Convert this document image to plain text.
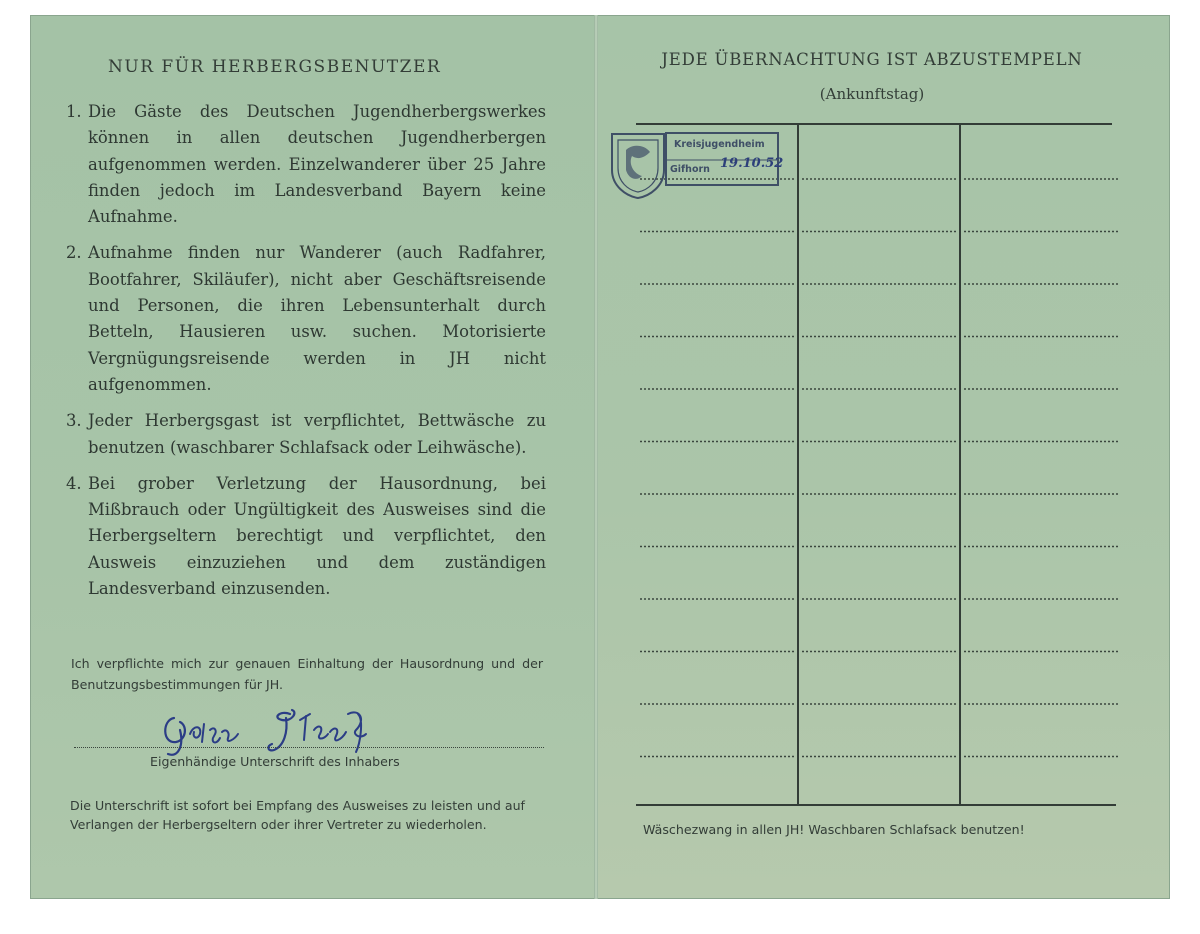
NUR FÜR HERBERGSBENUTZER
1. Die Gäste des Deutschen Jugendherbergswerkes können in allen deutschen Jugendherbergen aufgenommen werden. Einzelwanderer über 25 Jahre finden jedoch im Landesverband Bayern keine Aufnahme.
2. Aufnahme finden nur Wanderer (auch Radfahrer, Bootfahrer, Skiläufer), nicht aber Geschäftsreisende und Personen, die ihren Lebensunterhalt durch Betteln, Hausieren usw. suchen. Motorisierte Vergnügungsreisende werden in JH nicht aufgenommen.
3. Jeder Herbergsgast ist verpflichtet, Bettwäsche zu benutzen (waschbarer Schlafsack oder Leihwäsche).
4. Bei grober Verletzung der Hausordnung, bei Mißbrauch oder Ungültigkeit des Ausweises sind die Herbergseltern berechtigt und verpflichtet, den Ausweis einzuziehen und dem zuständigen Landesverband einzusenden.
Ich verpflichte mich zur genauen Einhaltung der Hausordnung und der Benutzungsbestimmungen für JH.
Gelger Jtraß
Eigenhändige Unterschrift des Inhabers
Die Unterschrift ist sofort bei Empfang des Ausweises zu leisten und auf Verlangen der Herbergseltern oder ihrer Vertreter zu wiederholen.
JEDE ÜBERNACHTUNG IST ABZUSTEMPELN
(Ankunftstag)
Kreisjugendheim
Gifhorn 19.10.52
Wäschezwang in allen JH! Waschbaren Schlafsack benutzen!
